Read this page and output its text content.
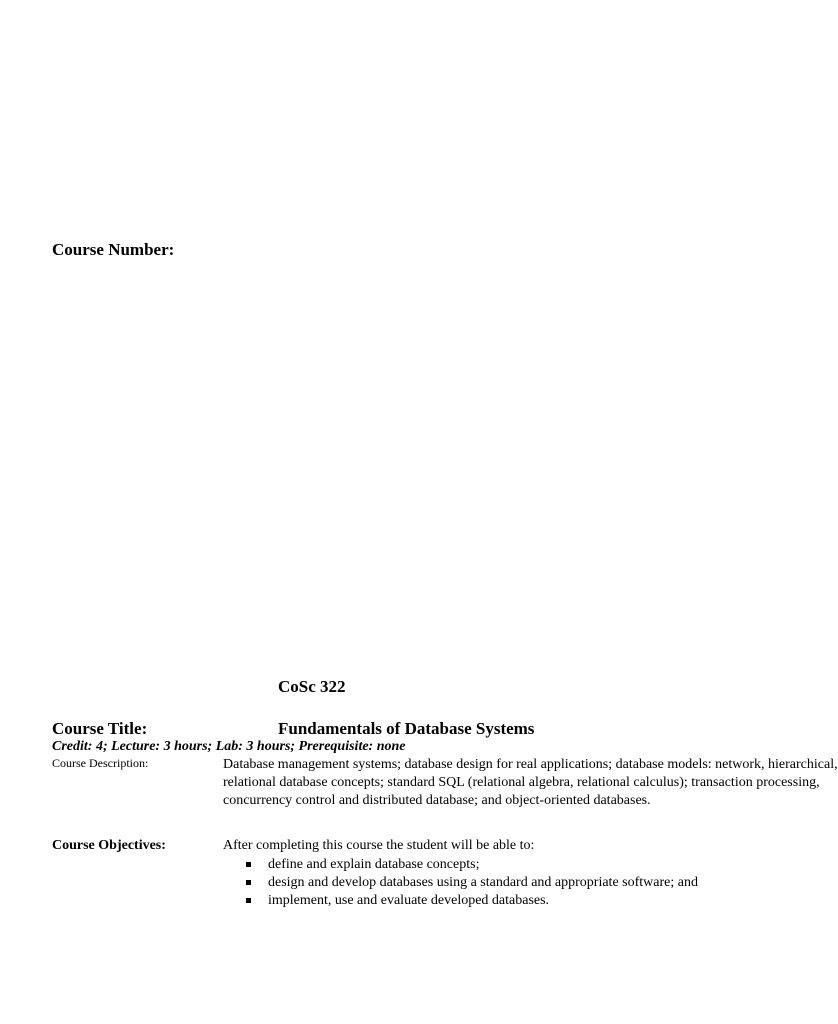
Course Number:
CoSc 322
Course Title:	Fundamentals of Database Systems
Credit: 4; Lecture: 3 hours; Lab: 3 hours; Prerequisite: none
Course Description:	Database management systems; database design for real applications; database models: network, hierarchical,
relational database concepts; standard SQL (relational algebra, relational calculus); transaction processing,
concurrency control and distributed database; and object-oriented databases.
Course Objectives:	After completing this course the student will be able to:
define and explain database concepts;
design and develop databases using a standard and appropriate software; and
implement, use and evaluate developed databases.
